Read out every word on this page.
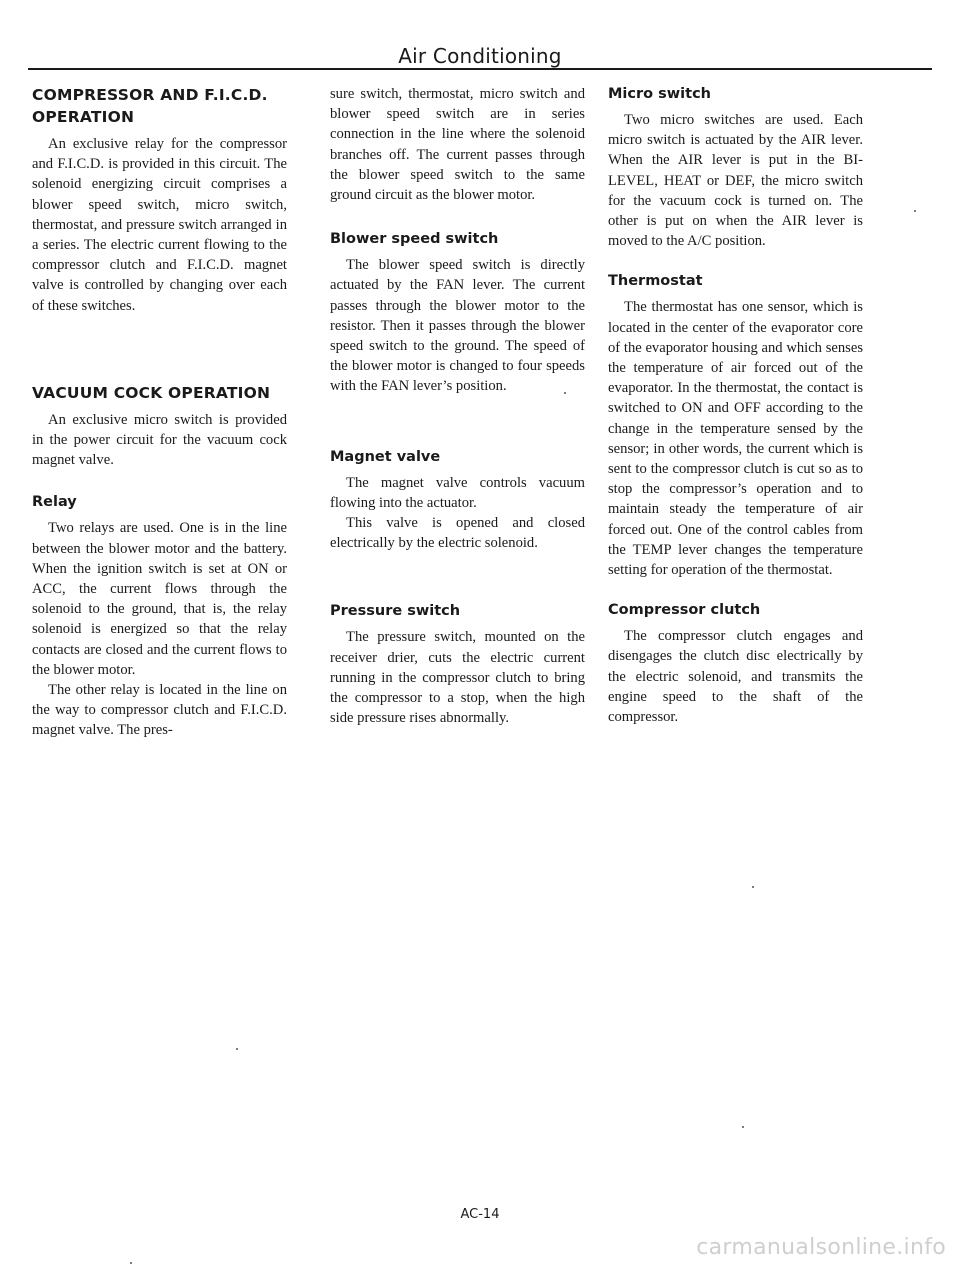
Air Conditioning
COMPRESSOR AND F.I.C.D. OPERATION

An exclusive relay for the compressor and F.I.C.D. is provided in this circuit. The solenoid energizing circuit comprises a blower speed switch, micro switch, thermostat, and pressure switch arranged in a series. The electric current flowing to the compressor clutch and F.I.C.D. magnet valve is controlled by changing over each of these switches.

VACUUM COCK OPERATION

An exclusive micro switch is provided in the power circuit for the vacuum cock magnet valve.

Relay

Two relays are used. One is in the line between the blower motor and the battery. When the ignition switch is set at ON or ACC, the current flows through the solenoid to the ground, that is, the relay solenoid is energized so that the relay contacts are closed and the current flows to the blower motor.

The other relay is located in the line on the way to compressor clutch and F.I.C.D. magnet valve. The pres-

sure switch, thermostat, micro switch and blower speed switch are in series connection in the line where the solenoid branches off. The current passes through the blower speed switch to the same ground circuit as the blower motor.

Blower speed switch

The blower speed switch is directly actuated by the FAN lever. The current passes through the blower motor to the resistor. Then it passes through the blower speed switch to the ground. The speed of the blower motor is changed to four speeds with the FAN lever’s position.

Magnet valve

The magnet valve controls vacuum flowing into the actuator.

This valve is opened and closed electrically by the electric solenoid.

Pressure switch

The pressure switch, mounted on the receiver drier, cuts the electric current running in the compressor clutch to bring the compressor to a stop, when the high side pressure rises abnormally.

Micro switch

Two micro switches are used. Each micro switch is actuated by the AIR lever. When the AIR lever is put in the BI-LEVEL, HEAT or DEF, the micro switch for the vacuum cock is turned on. The other is put on when the AIR lever is moved to the A/C position.

Thermostat

The thermostat has one sensor, which is located in the center of the evaporator core of the evaporator housing and which senses the temperature of air forced out of the evaporator. In the thermostat, the contact is switched to ON and OFF according to the change in the temperature sensed by the sensor; in other words, the current which is sent to the compressor clutch is cut so as to stop the compressor’s operation and to maintain steady the temperature of air forced out. One of the control cables from the TEMP lever changes the temperature setting for operation of the thermostat.

Compressor clutch

The compressor clutch engages and disengages the clutch disc electrically by the electric solenoid, and transmits the engine speed to the shaft of the compressor.

AC-14
carmanualsonline.info
